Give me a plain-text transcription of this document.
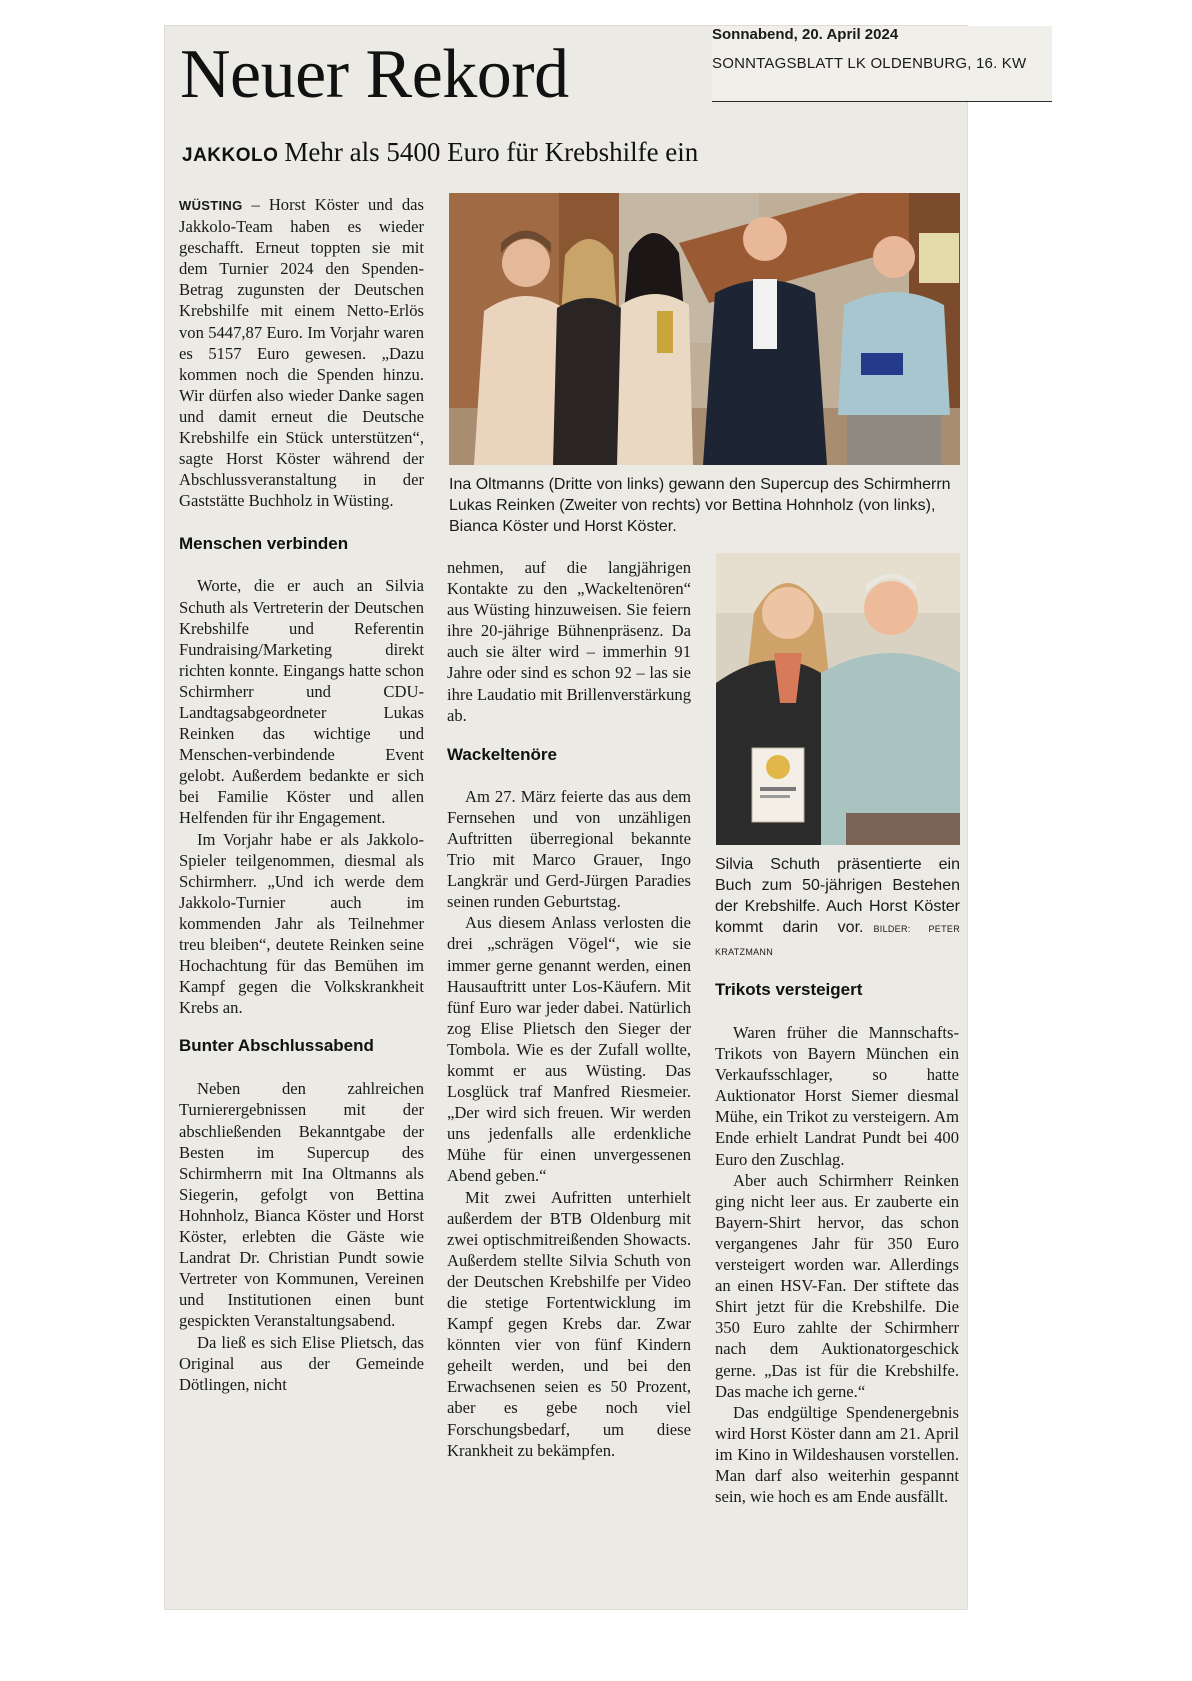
Sonnabend, 20. April 2024
SONNTAGSBLATT LK OLDENBURG, 16. KW
Neuer Rekord
JAKKOLO Mehr als 5400 Euro für Krebshilfe ein

WÜSTING – Horst Köster und das Jakkolo-Team haben es wieder geschafft. Erneut toppten sie mit dem Turnier 2024 den Spenden-Betrag zugunsten der Deutschen Krebshilfe mit einem Netto-Erlös von 5447,87 Euro. Im Vorjahr waren es 5157 Euro gewesen. „Dazu kommen noch die Spenden hinzu. Wir dürfen also wieder Danke sagen und damit erneut die Deutsche Krebshilfe ein Stück unterstützen“, sagte Horst Köster während der Abschlussveranstaltung in der Gaststätte Buchholz in Wüsting.

Menschen verbinden

Worte, die er auch an Silvia Schuth als Vertreterin der Deutschen Krebshilfe und Referentin Fundraising/Marketing direkt richten konnte. Eingangs hatte schon Schirmherr und CDU-Landtagsabgeordneter Lukas Reinken das wichtige und Menschen-verbindende Event gelobt. Außerdem bedankte er sich bei Familie Köster und allen Helfenden für ihr Engagement.

Im Vorjahr habe er als Jakkolo-Spieler teilgenommen, diesmal als Schirmherr. „Und ich werde dem Jakkolo-Turnier auch im kommenden Jahr als Teilnehmer treu bleiben“, deutete Reinken seine Hochachtung für das Bemühen im Kampf gegen die Volkskrankheit Krebs an.

Bunter Abschlussabend

Neben den zahlreichen Turnierergebnissen mit der abschließenden Bekanntgabe der Besten im Supercup des Schirmherrn mit Ina Oltmanns als Siegerin, gefolgt von Bettina Hohnholz, Bianca Köster und Horst Köster, erlebten die Gäste wie Landrat Dr. Christian Pundt sowie Vertreter von Kommunen, Vereinen und Institutionen einen bunt gespickten Veranstaltungsabend.

Da ließ es sich Elise Plietsch, das Original aus der Gemeinde Dötlingen, nicht

Ina Oltmanns (Dritte von links) gewann den Supercup des Schirmherrn Lukas Reinken (Zweiter von rechts) vor Bettina Hohnholz (von links), Bianca Köster und Horst Köster.

nehmen, auf die langjährigen Kontakte zu den „Wackeltenören“ aus Wüsting hinzuweisen. Sie feiern ihre 20-jährige Bühnenpräsenz. Da auch sie älter wird – immerhin 91 Jahre oder sind es schon 92 – las sie ihre Laudatio mit Brillenverstärkung ab.

Wackeltenöre

Am 27. März feierte das aus dem Fernsehen und von unzähligen Auftritten überregional bekannte Trio mit Marco Grauer, Ingo Langkrär und Gerd-Jürgen Paradies seinen runden Geburtstag.

Aus diesem Anlass verlosten die drei „schrägen Vögel“, wie sie immer gerne genannt werden, einen Hausauftritt unter Los-Käufern. Mit fünf Euro war jeder dabei. Natürlich zog Elise Plietsch den Sieger der Tombola. Wie es der Zufall wollte, kommt er aus Wüsting. Das Losglück traf Manfred Riesmeier. „Der wird sich freuen. Wir werden uns jedenfalls alle erdenkliche Mühe für einen unvergessenen Abend geben.“

Mit zwei Aufritten unterhielt außerdem der BTB Oldenburg mit zwei optischmitreißenden Showacts. Außerdem stellte Silvia Schuth von der Deutschen Krebshilfe per Video die stetige Fortentwicklung im Kampf gegen Krebs dar. Zwar könnten vier von fünf Kindern geheilt werden, und bei den Erwachsenen seien es 50 Prozent, aber es gebe noch viel Forschungsbedarf, um diese Krankheit zu bekämpfen.

Silvia Schuth präsentierte ein Buch zum 50-jährigen Bestehen der Krebshilfe. Auch Horst Köster kommt darin vor. BILDER: PETER KRATZMANN
Trikots versteigert

Waren früher die Mannschafts-Trikots von Bayern München ein Verkaufsschlager, so hatte Auktionator Horst Siemer diesmal Mühe, ein Trikot zu versteigern. Am Ende erhielt Landrat Pundt bei 400 Euro den Zuschlag.

Aber auch Schirmherr Reinken ging nicht leer aus. Er zauberte ein Bayern-Shirt hervor, das schon vergangenes Jahr für 350 Euro versteigert worden war. Allerdings an einen HSV-Fan. Der stiftete das Shirt jetzt für die Krebshilfe. Die 350 Euro zahlte der Schirmherr nach dem Auktionatorgeschick gerne. „Das ist für die Krebshilfe. Das mache ich gerne.“

Das endgültige Spendenergebnis wird Horst Köster dann am 21. April im Kino in Wildeshausen vorstellen. Man darf also weiterhin gespannt sein, wie hoch es am Ende ausfällt.
